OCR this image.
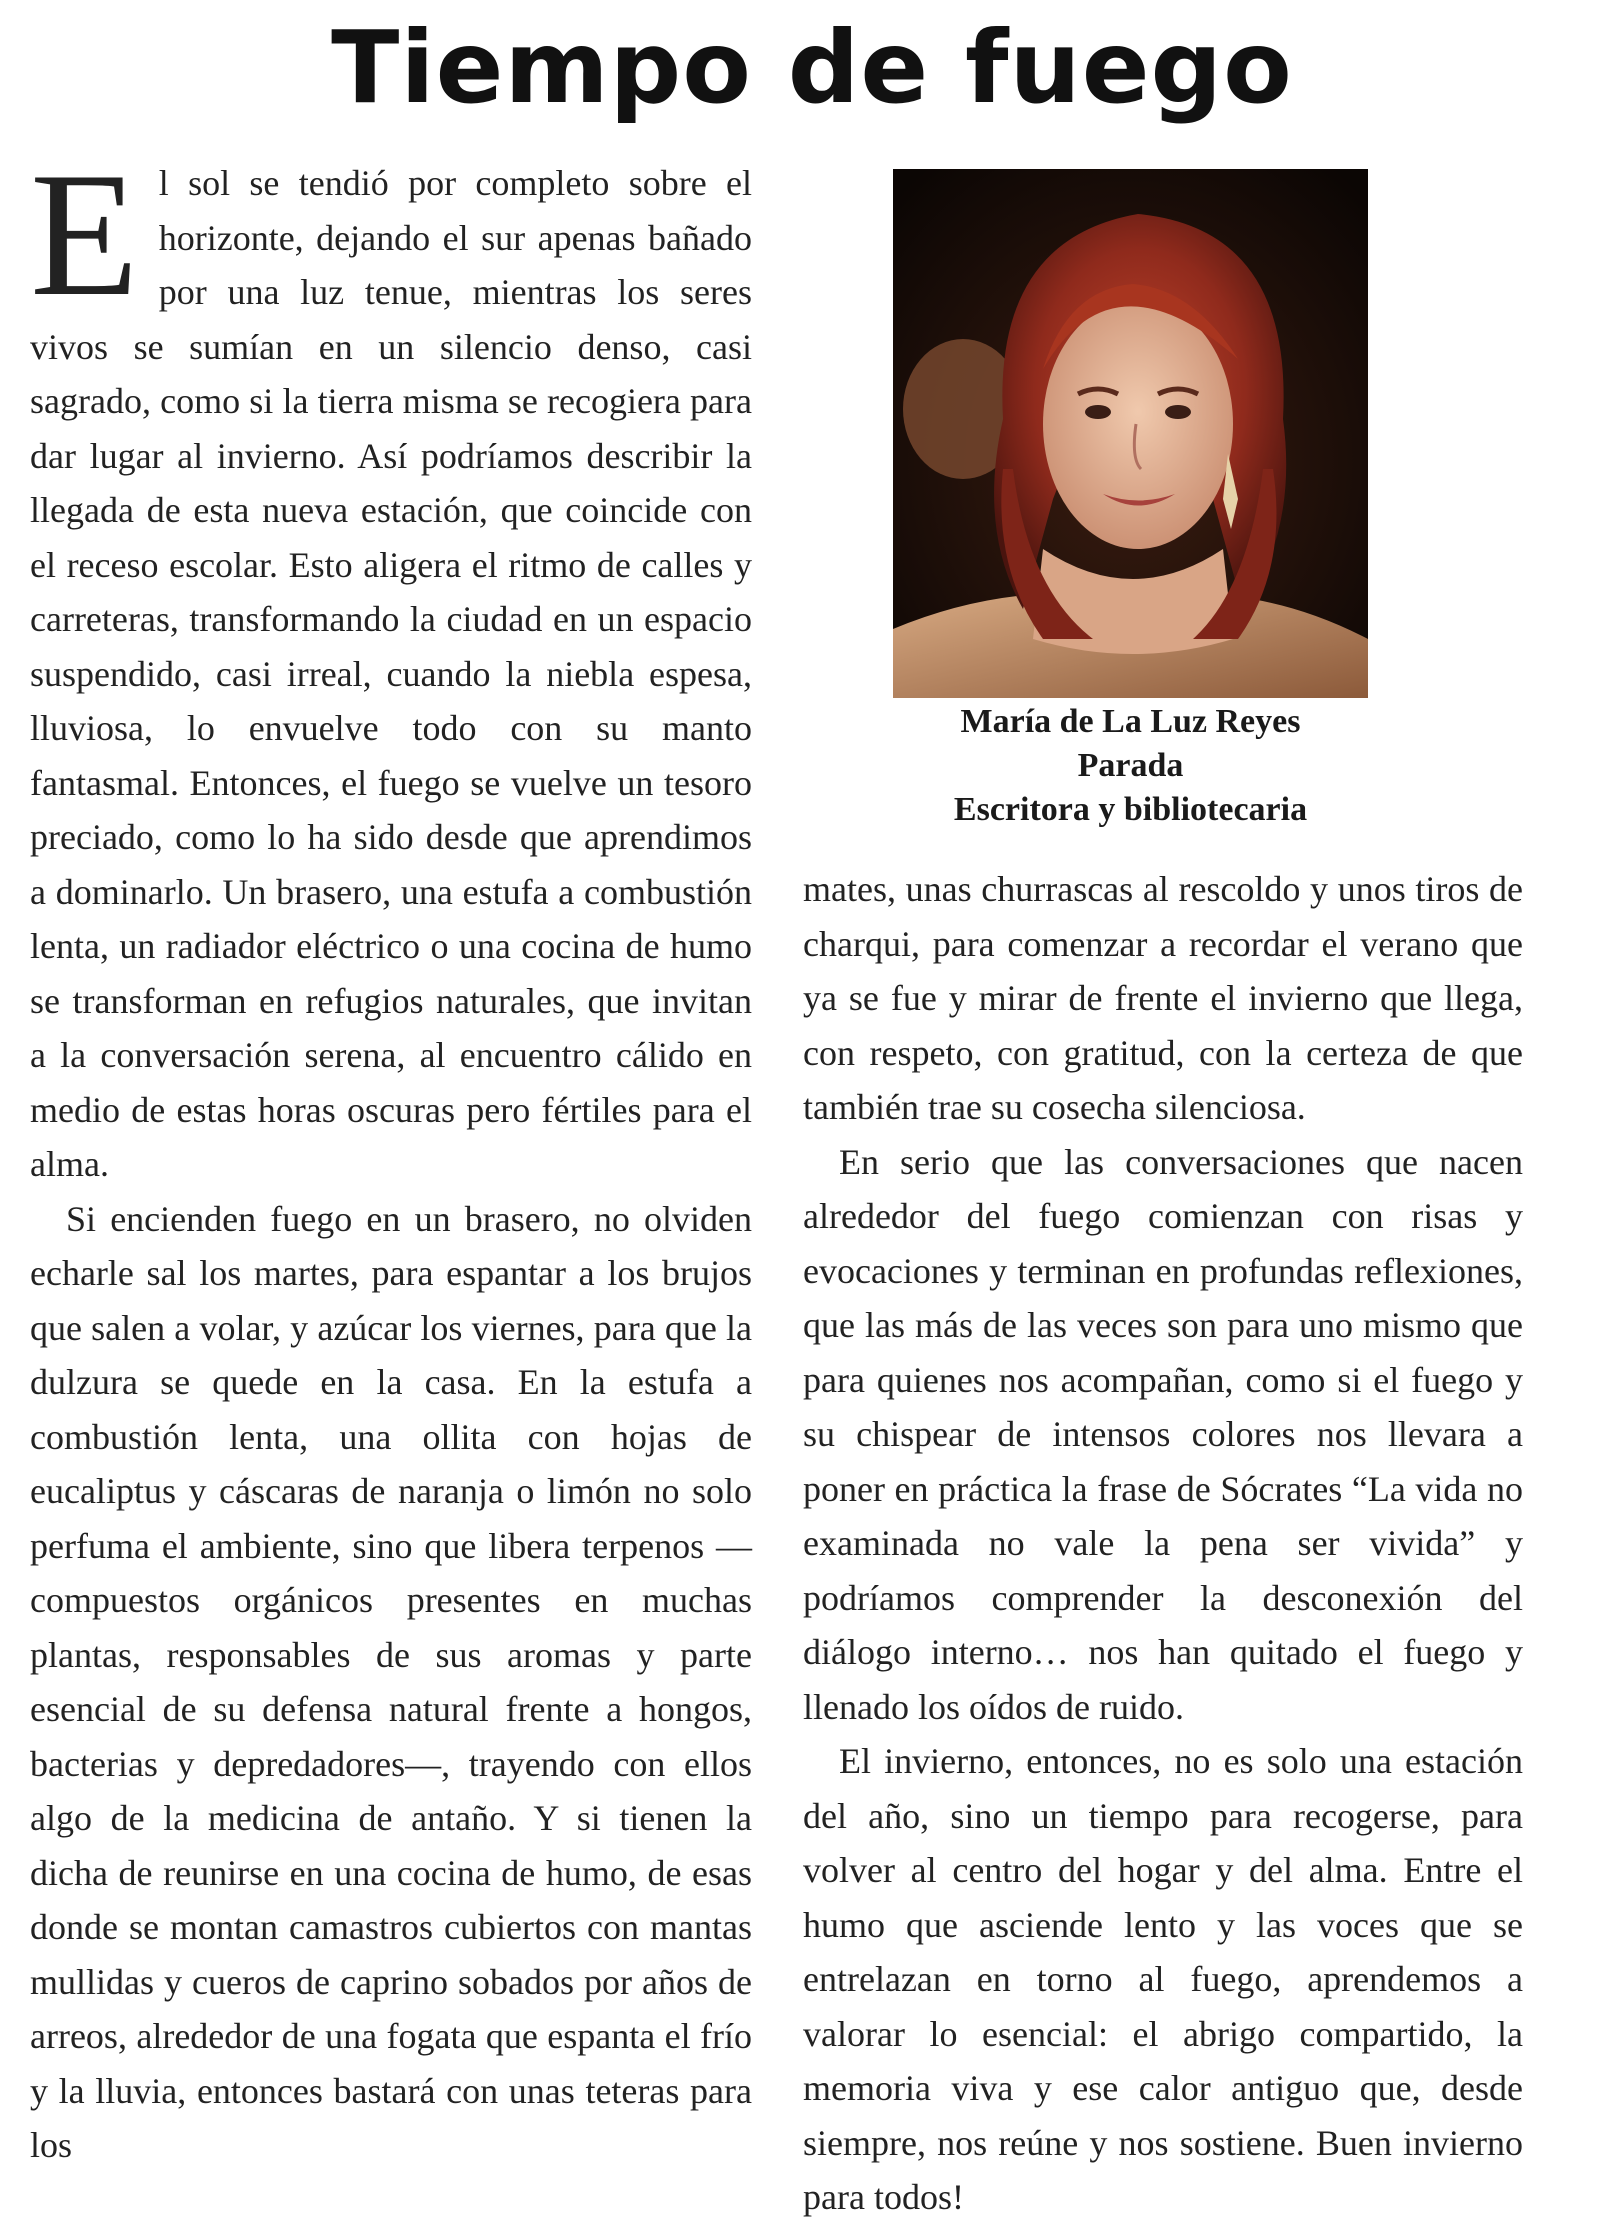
Tiempo de fuego

El sol se tendió por completo sobre el horizonte, dejando el sur apenas bañado por una luz tenue, mientras los seres vivos se sumían en un silencio denso, casi sagrado, como si la tierra misma se recogiera para dar lugar al invierno. Así podríamos describir la llegada de esta nueva estación, que coincide con el receso escolar. Esto aligera el ritmo de calles y carreteras, transformando la ciudad en un espacio suspendido, casi irreal, cuando la niebla espesa, lluviosa, lo envuelve todo con su manto fantasmal. Entonces, el fuego se vuelve un tesoro preciado, como lo ha sido desde que aprendimos a dominarlo. Un brasero, una estufa a combustión lenta, un radiador eléctrico o una cocina de humo se transforman en refugios naturales, que invitan a la conversación serena, al encuentro cálido en medio de estas horas oscuras pero fértiles para el alma.

Si encienden fuego en un brasero, no olviden echarle sal los martes, para espantar a los brujos que salen a volar, y azúcar los viernes, para que la dulzura se quede en la casa. En la estufa a combustión lenta, una ollita con hojas de eucaliptus y cáscaras de naranja o limón no solo perfuma el ambiente, sino que libera terpenos —compuestos orgánicos presentes en muchas plantas, responsables de sus aromas y parte esencial de su defensa natural frente a hongos, bacterias y depredadores—, trayendo con ellos algo de la medicina de antaño. Y si tienen la dicha de reunirse en una cocina de humo, de esas donde se montan camastros cubiertos con mantas mullidas y cueros de caprino sobados por años de arreos, alrededor de una fogata que espanta el frío y la lluvia, entonces bastará con unas teteras para los

María de La Luz Reyes
Parada
Escritora y bibliotecaria

mates, unas churrascas al rescoldo y unos tiros de charqui, para comenzar a recordar el verano que ya se fue y mirar de frente el invierno que llega, con respeto, con gratitud, con la certeza de que también trae su cosecha silenciosa.

En serio que las conversaciones que nacen alrededor del fuego comienzan con risas y evocaciones y terminan en profundas reflexiones, que las más de las veces son para uno mismo que para quienes nos acompañan, como si el fuego y su chispear de intensos colores nos llevara a poner en práctica la frase de Sócrates “La vida no examinada no vale la pena ser vivida” y podríamos comprender la desconexión del diálogo interno… nos han quitado el fuego y llenado los oídos de ruido.

El invierno, entonces, no es solo una estación del año, sino un tiempo para recogerse, para volver al centro del hogar y del alma. Entre el humo que asciende lento y las voces que se entrelazan en torno al fuego, aprendemos a valorar lo esencial: el abrigo compartido, la memoria viva y ese calor antiguo que, desde siempre, nos reúne y nos sostiene. Buen invierno para todos!
